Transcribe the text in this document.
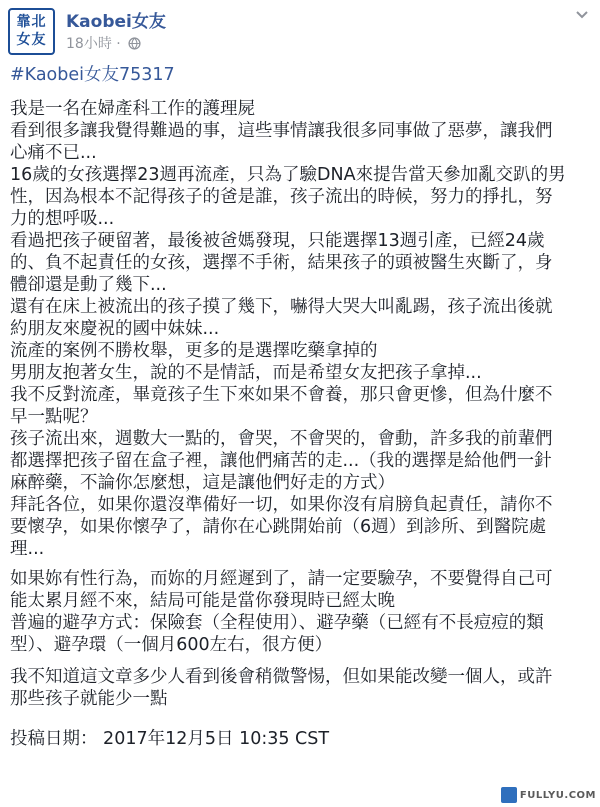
靠北
女友
Kaobei女友
18小時 ·
#Kaobei女友75317
我是一名在婦產科工作的護理屍
看到很多讓我覺得難過的事，這些事情讓我很多同事做了惡夢，讓我們
心痛不已...
16歲的女孩選擇23週再流產，只為了驗DNA來提告當天參加亂交趴的男
性，因為根本不記得孩子的爸是誰，孩子流出的時候，努力的掙扎，努
力的想呼吸...
看過把孩子硬留著，最後被爸媽發現，只能選擇13週引產，已經24歲
的、負不起責任的女孩，選擇不手術，結果孩子的頭被醫生夾斷了，身
體卻還是動了幾下...
還有在床上被流出的孩子摸了幾下，嚇得大哭大叫亂踢，孩子流出後就
約朋友來慶祝的國中妹妹...
流產的案例不勝枚舉，更多的是選擇吃藥拿掉的
男朋友抱著女生，說的不是情話，而是希望女友把孩子拿掉...
我不反對流產，畢竟孩子生下來如果不會養，那只會更慘，但為什麼不
早一點呢？
孩子流出來，週數大一點的，會哭，不會哭的，會動，許多我的前輩們
都選擇把孩子留在盒子裡，讓他們痛苦的走...（我的選擇是給他們一針
麻醉藥，不論你怎麼想，這是讓他們好走的方式）
拜託各位，如果你還沒準備好一切，如果你沒有肩膀負起責任，請你不
要懷孕，如果你懷孕了，請你在心跳開始前（6週）到診所、到醫院處
理...
如果妳有性行為，而妳的月經遲到了，請一定要驗孕，不要覺得自己可
能太累月經不來，結局可能是當你發現時已經太晚
普遍的避孕方式：保險套（全程使用）、避孕藥（已經有不長痘痘的類
型）、避孕環（一個月600左右，很方便）
我不知道這文章多少人看到後會稍微警惕，但如果能改變一個人，或許
那些孩子就能少一點
投稿日期： 2017年12月5日 10:35 CST
FULLYU.COM
